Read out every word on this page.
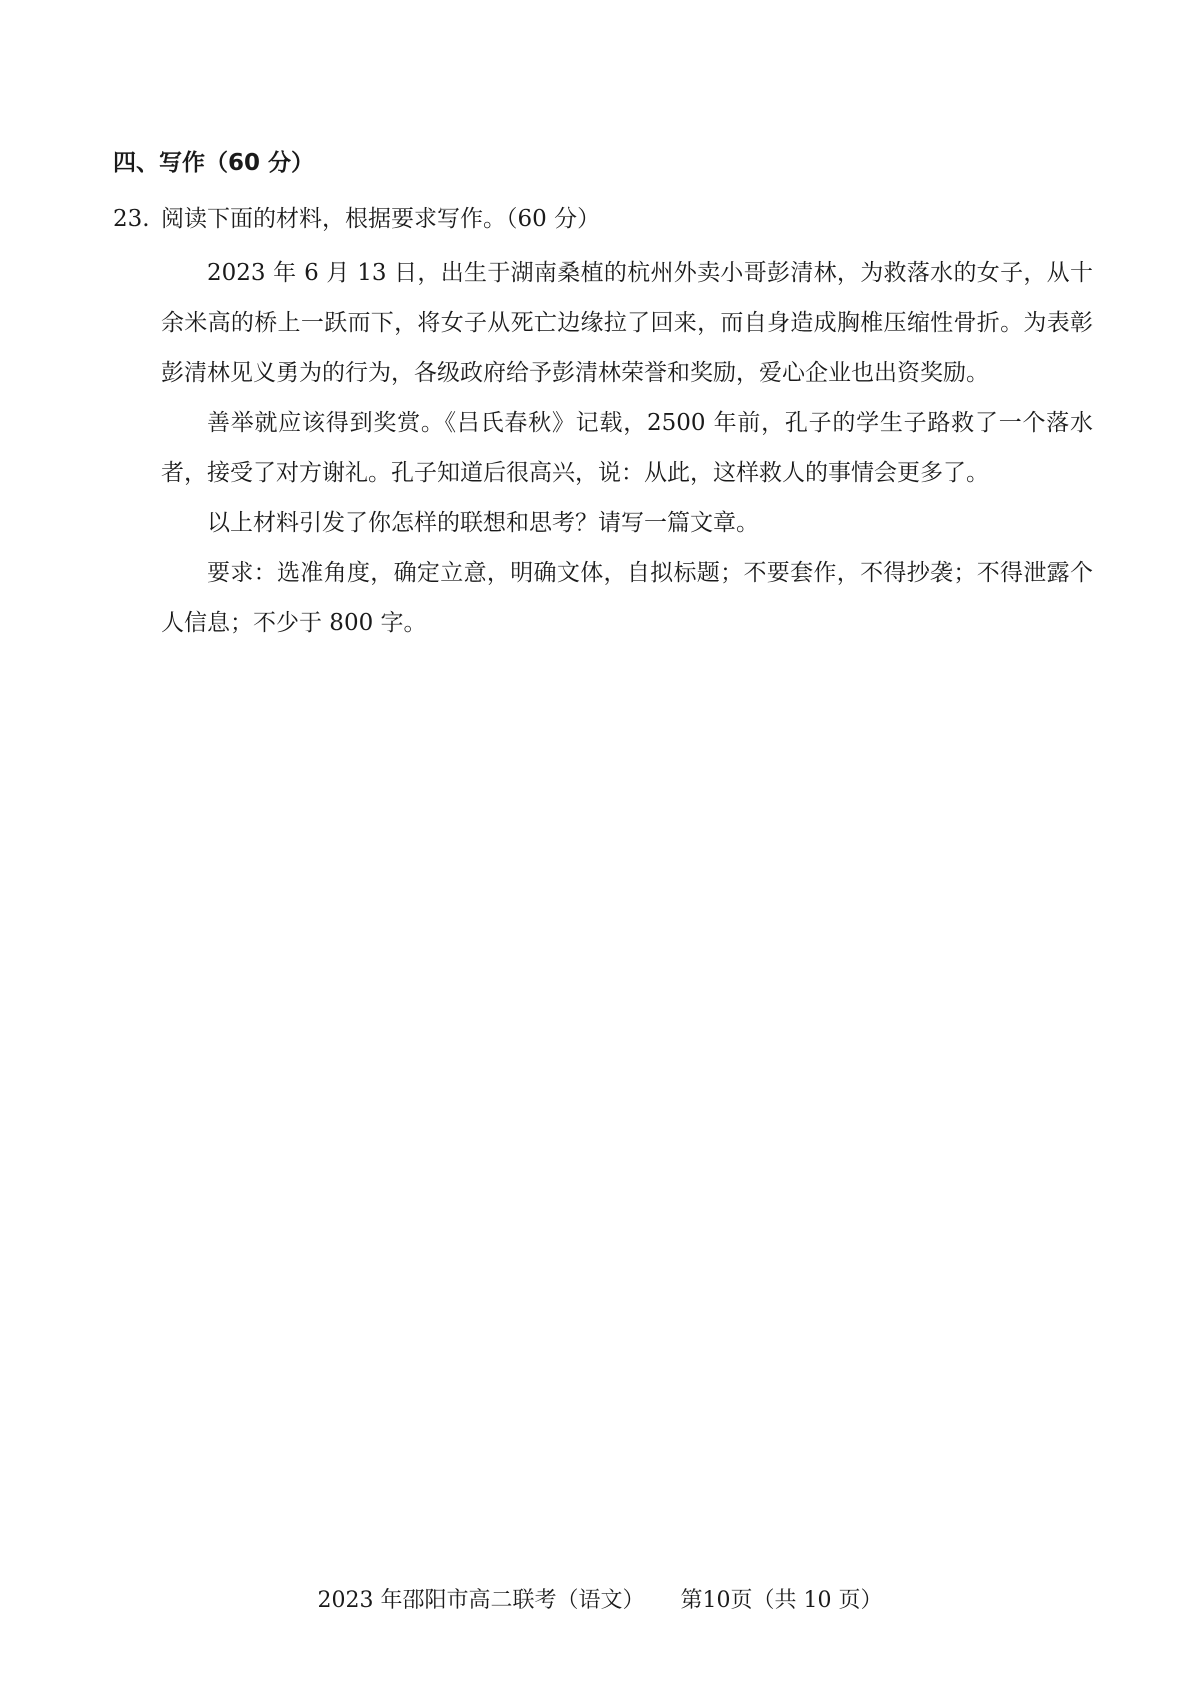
四、写作（60 分）
23. 阅读下面的材料，根据要求写作。（60 分）

2023 年 6 月 13 日，出生于湖南桑植的杭州外卖小哥彭清林，为救落水的女子，从十余米高的桥上一跃而下，将女子从死亡边缘拉了回来，而自身造成胸椎压缩性骨折。为表彰彭清林见义勇为的行为，各级政府给予彭清林荣誉和奖励，爱心企业也出资奖励。

善举就应该得到奖赏。《吕氏春秋》记载，2500 年前，孔子的学生子路救了一个落水者，接受了对方谢礼。孔子知道后很高兴，说：从此，这样救人的事情会更多了。

以上材料引发了你怎样的联想和思考？请写一篇文章。

要求：选准角度，确定立意，明确文体，自拟标题；不要套作，不得抄袭；不得泄露个人信息；不少于 800 字。

2023 年邵阳市高二联考（语文） 第10页（共 10 页）
